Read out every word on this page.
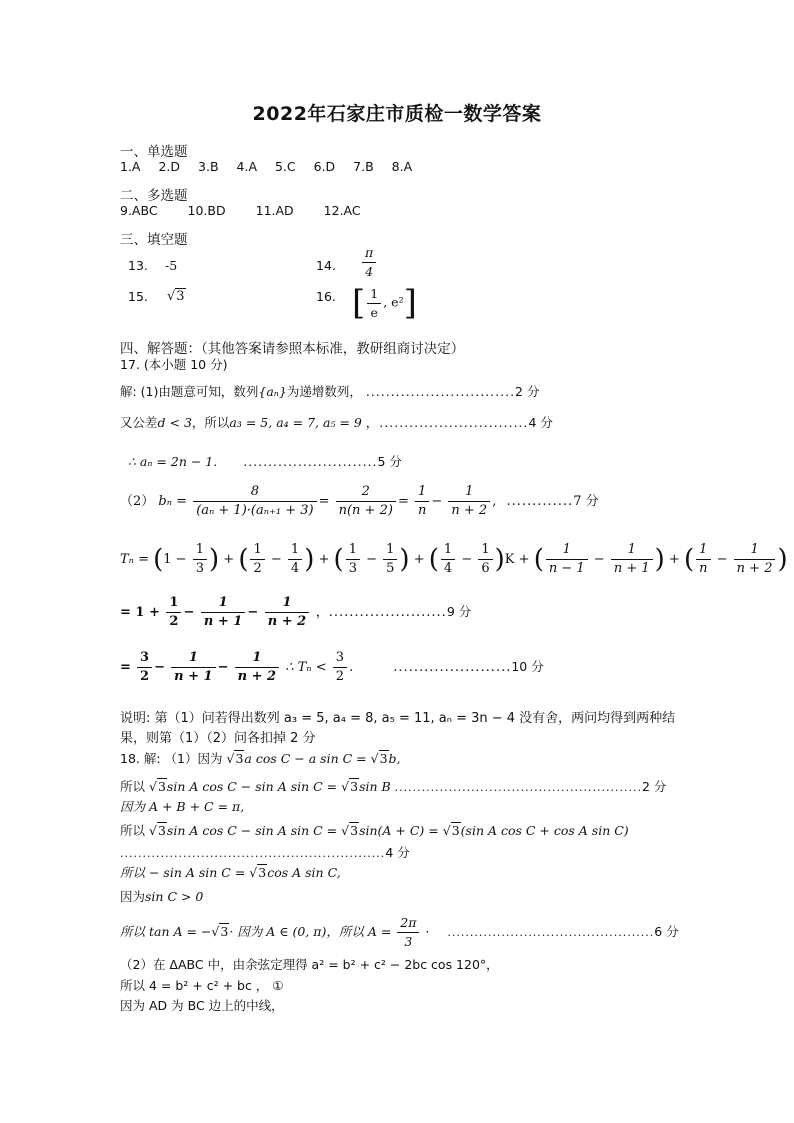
2022年石家庄市质检一数学答案
一、单选题
1.A 2.D 3.B 4.A 5.C 6.D 7.B 8.A
二、多选题
9.ABC 10.BD 11.AD 12.AC
三、填空题
13. -5	14. $\frac{\pi}{4}$
15. √3	16. [ $\frac{1}{e}$ , e²]
四、解答题：（其他答案请参照本标准，教研组商讨决定）
17. (本小题 10 分)
解: (1)由题意可知，数列{aₙ}为递增数列， ..............................2 分
又公差d < 3，所以a₃ = 5, a₄ = 7, a₅ = 9 ，..............................4 分
∴ aₙ = 2n − 1. ...........................5 分
（2） $b_n = \frac{8}{\text{(aₙ + 1)·(aₙ₊₁ + 3)}} = \frac{2}{n(n + 2)} = \frac{1}{n} - \frac{1}{n + 2}$ , .............7 分
$T_n = (1 - \frac{1}{3}$ ) + ( $\frac{1}{2} - \frac{1}{4}$ ) + ( $\frac{1}{3} - \frac{1}{5}$ ) + ( $\frac{1}{4} - \frac{1}{6} )K$ + ( $\frac{1}{n - 1} - \frac{1}{n + 1}$ ) + ( $\frac{1}{n} - \frac{1}{n + 2}$ )
= $1 + \frac{1}{2} - \frac{1}{n + 1} - \frac{1}{n + 2}$ ，.......................9 分
= $\frac{3}{2} - \frac{1}{n + 1} - \frac{1}{n + 2}$ ∴ $T_n < \frac{3}{2}$ .	.......................10 分
说明: 第（1）问若得出数列 a₃ = 5, a₄ = 8, a₅ = 11, aₙ = 3n − 4 没有舍，两问均得到两种结
果，则第（1）（2）问各扣掉 2 分
18. 解: （1）因为 √3a cos C − a sin C = √3b,
所以 √3sin A cos C − sin A sin C = √3sin B .......................................................2 分
因为 A + B + C = π,
所以 √3sin A cos C − sin A sin C = √3sin(A + C) = √3(sin A cos C + cos A sin C)
...........................................................4 分
所以 − sin A sin C = √3cos A sin C,
因为sin C > 0
所以 tan A = −√3· 因为 A ∈ (0, π)，所以 $A = \frac{2\pi}{3} \cdot ..............................................6$ 分
（2）在 ΔABC 中，由余弦定理得 a² = b² + c² − 2bc cos 120°，
所以 4 = b² + c² + bc ， ①
因为 AD 为 BC 边上的中线，
